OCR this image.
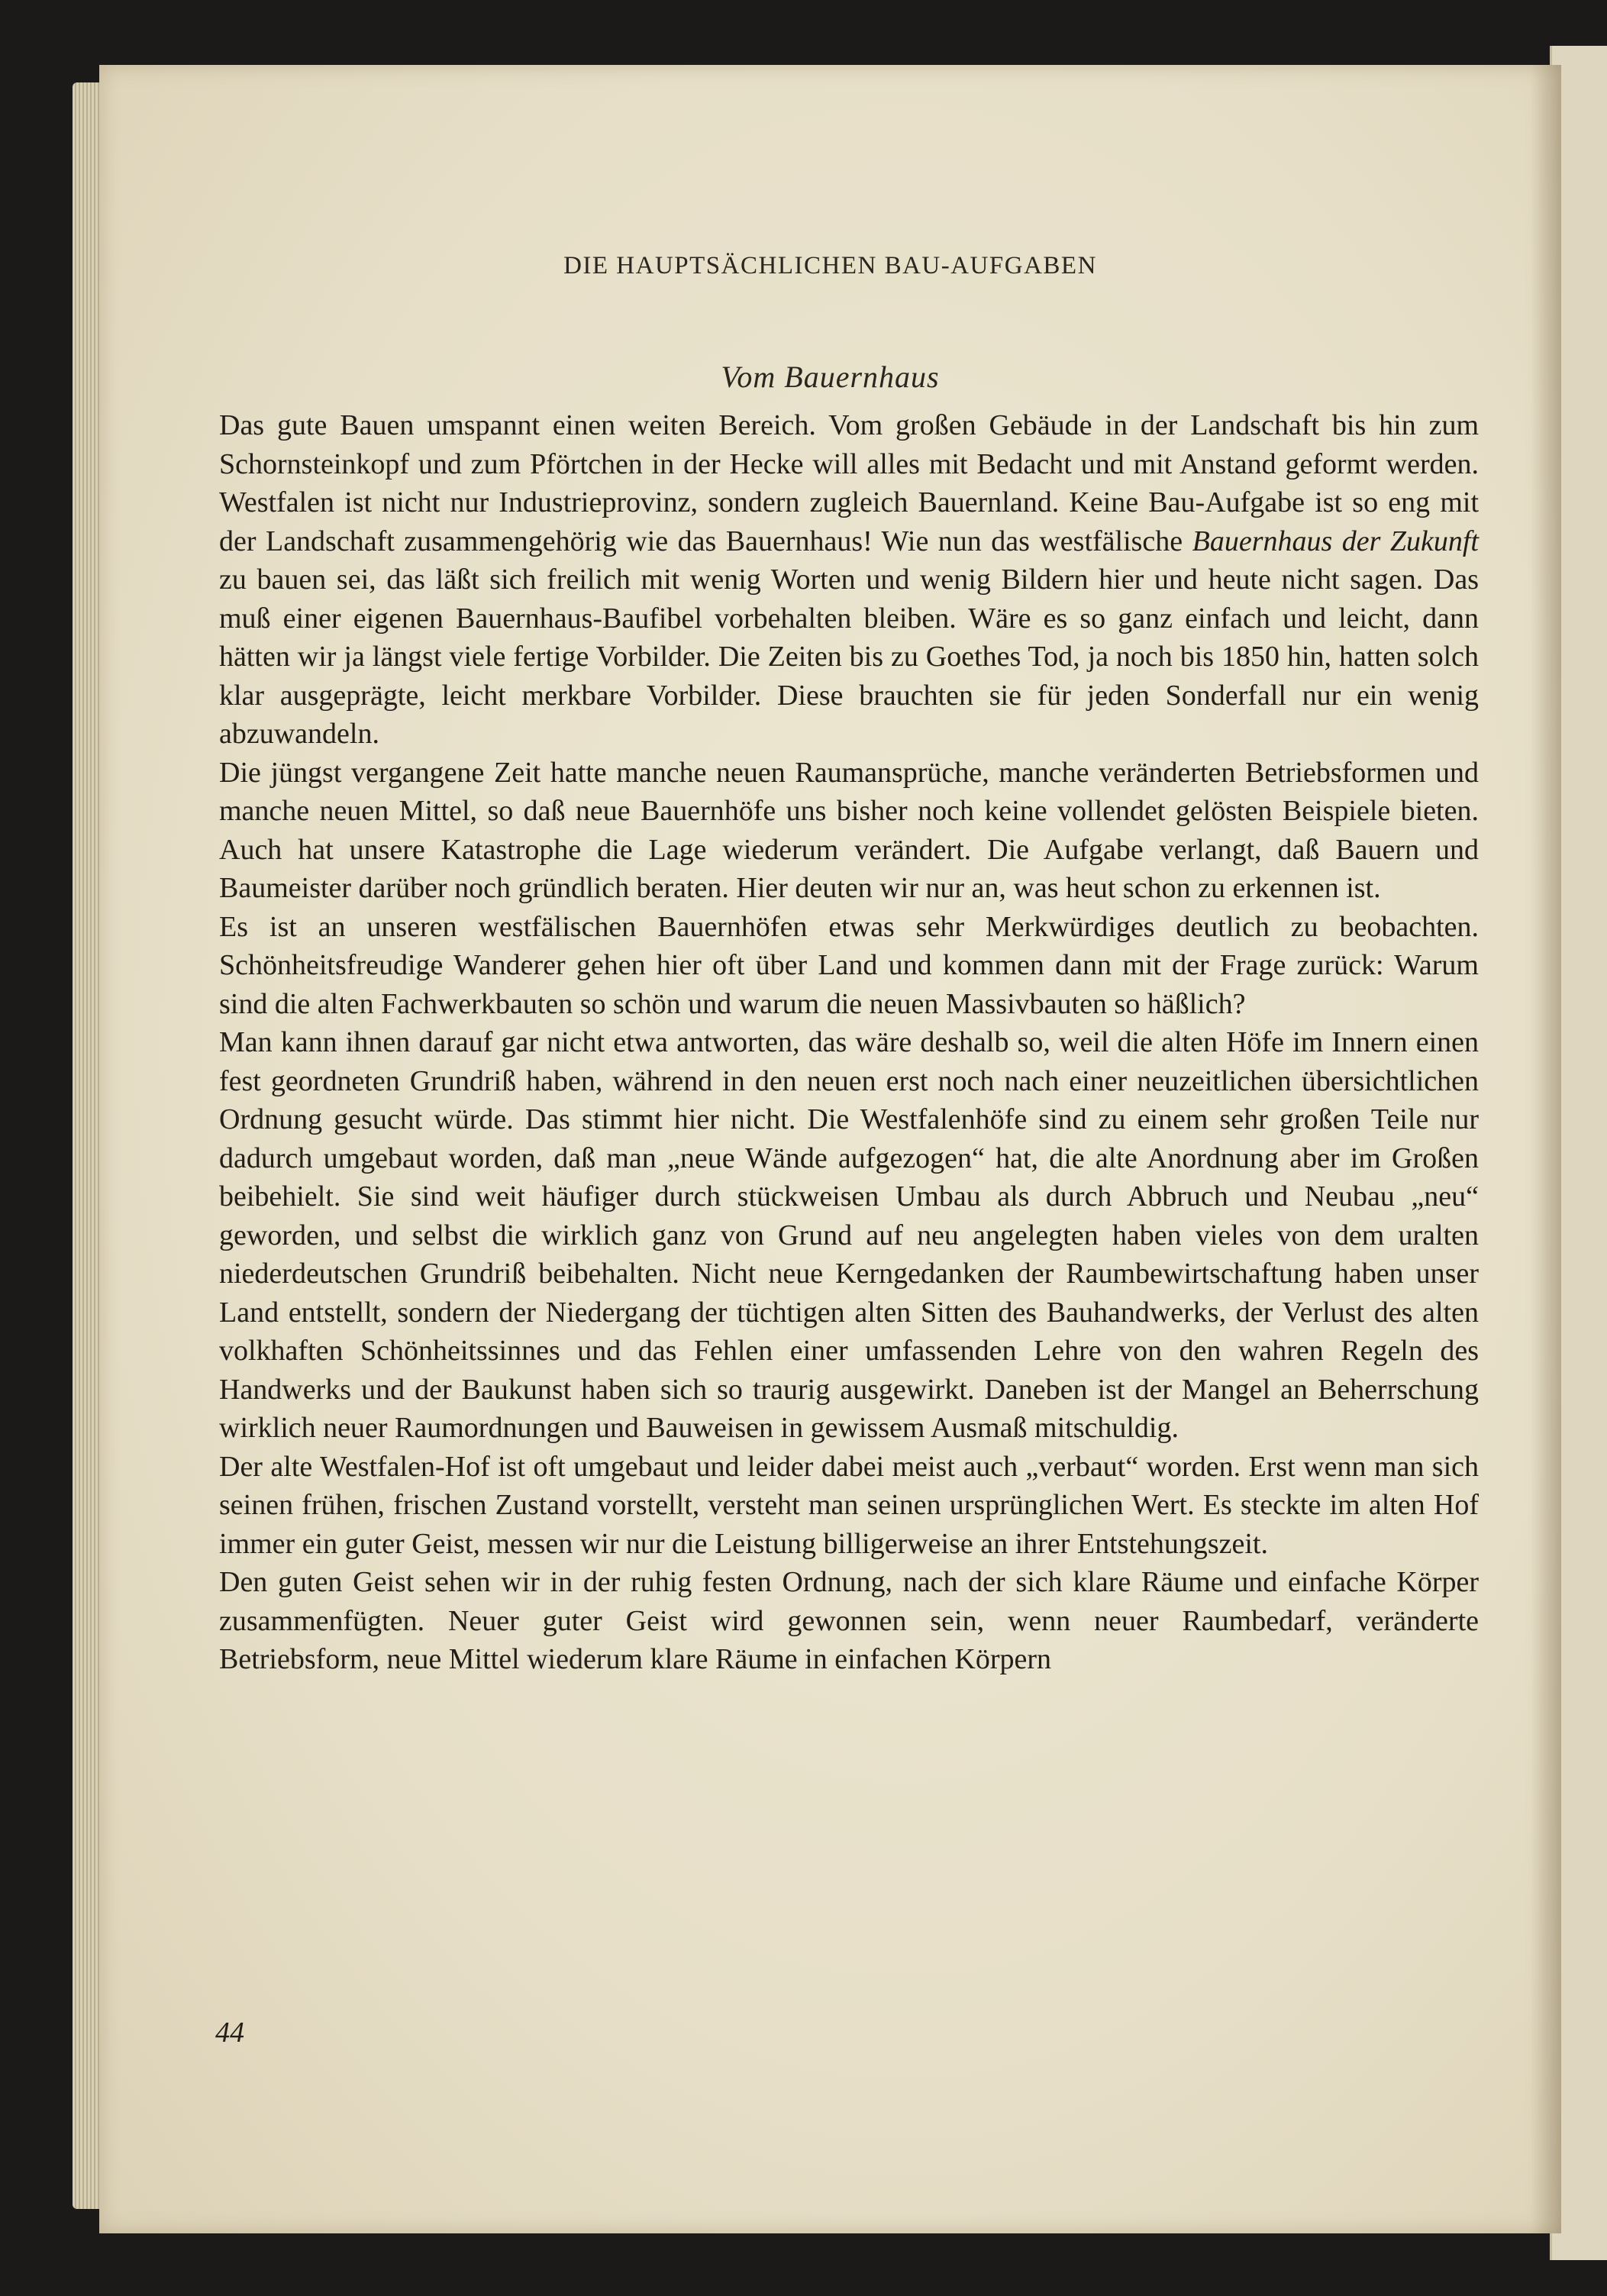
DIE HAUPTSÄCHLICHEN BAU-AUFGABEN
Vom Bauernhaus

Das gute Bauen umspannt einen weiten Bereich. Vom großen Gebäude in der Landschaft bis hin zum Schornsteinkopf und zum Pförtchen in der Hecke will alles mit Bedacht und mit Anstand geformt werden. Westfalen ist nicht nur Industrieprovinz, sondern zugleich Bauernland. Keine Bau-Aufgabe ist so eng mit der Landschaft zusammengehörig wie das Bauernhaus! Wie nun das westfälische Bauernhaus der Zukunft zu bauen sei, das läßt sich freilich mit wenig Worten und wenig Bildern hier und heute nicht sagen. Das muß einer eigenen Bauernhaus-Baufibel vorbehalten bleiben. Wäre es so ganz einfach und leicht, dann hätten wir ja längst viele fertige Vorbilder. Die Zeiten bis zu Goethes Tod, ja noch bis 1850 hin, hatten solch klar ausgeprägte, leicht merkbare Vorbilder. Diese brauchten sie für jeden Sonderfall nur ein wenig abzuwandeln.

Die jüngst vergangene Zeit hatte manche neuen Raumansprüche, manche veränderten Betriebsformen und manche neuen Mittel, so daß neue Bauernhöfe uns bisher noch keine vollendet gelösten Beispiele bieten. Auch hat unsere Katastrophe die Lage wiederum verändert. Die Aufgabe verlangt, daß Bauern und Baumeister darüber noch gründlich beraten. Hier deuten wir nur an, was heut schon zu erkennen ist.

Es ist an unseren westfälischen Bauernhöfen etwas sehr Merkwürdiges deutlich zu beobachten. Schönheitsfreudige Wanderer gehen hier oft über Land und kommen dann mit der Frage zurück: Warum sind die alten Fachwerkbauten so schön und warum die neuen Massivbauten so häßlich?

Man kann ihnen darauf gar nicht etwa antworten, das wäre deshalb so, weil die alten Höfe im Innern einen fest geordneten Grundriß haben, während in den neuen erst noch nach einer neuzeitlichen übersichtlichen Ordnung gesucht würde. Das stimmt hier nicht. Die Westfalenhöfe sind zu einem sehr großen Teile nur dadurch umgebaut worden, daß man „neue Wände aufgezogen“ hat, die alte Anordnung aber im Großen beibehielt. Sie sind weit häufiger durch stückweisen Umbau als durch Abbruch und Neubau „neu“ geworden, und selbst die wirklich ganz von Grund auf neu angelegten haben vieles von dem uralten niederdeutschen Grundriß beibehalten. Nicht neue Kerngedanken der Raumbewirtschaftung haben unser Land entstellt, sondern der Niedergang der tüchtigen alten Sitten des Bauhandwerks, der Verlust des alten volkhaften Schönheitssinnes und das Fehlen einer umfassenden Lehre von den wahren Regeln des Handwerks und der Baukunst haben sich so traurig ausgewirkt. Daneben ist der Mangel an Beherrschung wirklich neuer Raumordnungen und Bauweisen in gewissem Ausmaß mitschuldig.

Der alte Westfalen-Hof ist oft umgebaut und leider dabei meist auch „verbaut“ worden. Erst wenn man sich seinen frühen, frischen Zustand vorstellt, versteht man seinen ursprünglichen Wert. Es steckte im alten Hof immer ein guter Geist, messen wir nur die Leistung billigerweise an ihrer Entstehungszeit.

Den guten Geist sehen wir in der ruhig festen Ordnung, nach der sich klare Räume und einfache Körper zusammenfügten. Neuer guter Geist wird gewonnen sein, wenn neuer Raumbedarf, veränderte Betriebsform, neue Mittel wiederum klare Räume in einfachen Körpern

44
